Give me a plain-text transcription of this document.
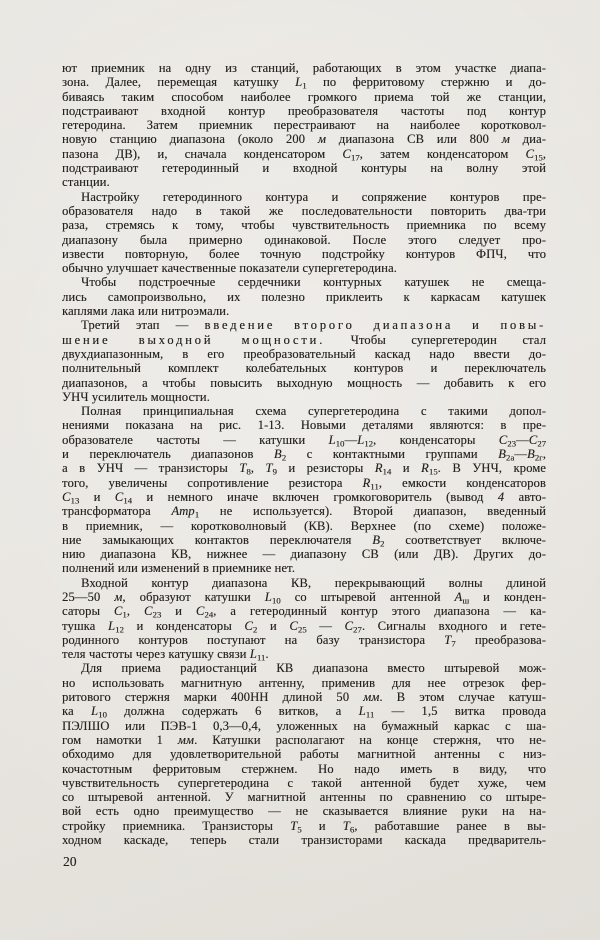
ют приемник на одну из станций, работающих в этом участке диапа-
зона. Далее, перемещая катушку $L_1$ по ферритовому стержню и до-
биваясь таким способом наиболее громкого приема той же станции,
подстраивают входной контур преобразователя частоты под контур
гетеродина. Затем приемник перестраивают на наиболее коротковол-
новую станцию диапазона (около 200 м диапазона СВ или 800 м диа-
пазона ДВ), и, сначала конденсатором $С_{17}$, затем конденсатором $С_{15}$,
подстраивают гетеродинный и входной контуры на волну этой
станции.
Настройку гетеродинного контура и сопряжение контуров пре-
образователя надо в такой же последовательности повторить два-три
раза, стремясь к тому, чтобы чувствительность приемника по всему
диапазону была примерно одинаковой. После этого следует про-
извести повторную, более точную подстройку контуров ФПЧ, что
обычно улучшает качественные показатели супергетеродина.
Чтобы подстроечные сердечники контурных катушек не смеща-
лись самопроизвольно, их полезно приклеить к каркасам катушек
каплями лака или нитроэмали.
Третий этап — введение второго диапазона и повы-
шение выходной мощности. Чтобы супергетеродин стал
двухдиапазонным, в его преобразовательный каскад надо ввести до-
полнительный комплект колебательных контуров и переключатель
диапазонов, а чтобы повысить выходную мощность — добавить к его
УНЧ усилитель мощности.
Полная принципиальная схема супергетеродина с такими допол-
нениями показана на рис. 1-13. Новыми деталями являются: в пре-
образователе частоты — катушки $L_{10}—L_{12}$, конденсаторы $С_{23}—С_{27}$
и переключатель диапазонов $В_2$ с контактными группами $В_{2а}—В_{2г}$,
а в УНЧ — транзисторы $Т_8$, $Т_9$ и резисторы $R_{14}$ и $R_{15}$. В УНЧ, кроме
того, увеличены сопротивление резистора $R_{11}$, емкости конденсаторов
$С_{13}$ и $С_{14}$ и немного иначе включен громкоговоритель (вывод 4 авто-
трансформатора Атр$_1$ не используется). Второй диапазон, введенный
в приемник, — коротковолновый (КВ). Верхнее (по схеме) положе-
ние замыкающих контактов переключателя $В_2$ соответствует включе-
нию диапазона КВ, нижнее — диапазону СВ (или ДВ). Других до-
полнений или изменений в приемнике нет.
Входной контур диапазона КВ, перекрывающий волны длиной
25—50 м, образуют катушки $L_{10}$ со штыревой антенной $А_ш$ и конден-
саторы $С_1$, $С_{23}$ и $С_{24}$, а гетеродинный контур этого диапазона — ка-
тушка $L_{12}$ и конденсаторы $С_2$ и $С_{25}$ — $С_{27}$. Сигналы входного и гете-
родинного контуров поступают на базу транзистора $Т_7$ преобразова-
теля частоты через катушку связи $L_{11}$.
Для приема радиостанций КВ диапазона вместо штыревой мож-
но использовать магнитную антенну, применив для нее отрезок фер-
ритового стержня марки 400НН длиной 50 мм. В этом случае катуш-
ка $L_{10}$ должна содержать 6 витков, а $L_{11}$ — 1,5 витка провода
ПЭЛШО или ПЭВ-1 0,3—0,4, уложенных на бумажный каркас с ша-
гом намотки 1 мм. Катушки располагают на конце стержня, что не-
обходимо для удовлетворительной работы магнитной антенны с низ-
кочастотным ферритовым стержнем. Но надо иметь в виду, что
чувствительность супергетеродина с такой антенной будет хуже, чем
со штыревой антенной. У магнитной антенны по сравнению со штыре-
вой есть одно преимущество — не сказывается влияние руки на на-
стройку приемника. Транзисторы $Т_5$ и $Т_6$, работавшие ранее в вы-
ходном каскаде, теперь стали транзисторами каскада предваритель-
20
